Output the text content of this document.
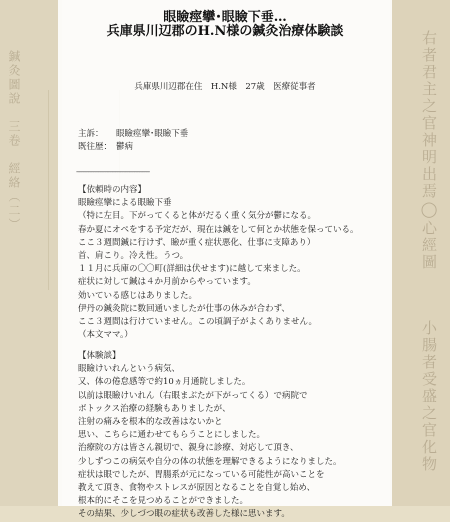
鍼灸圖說　三卷　經絡（二）	右者君主之官神明出焉◯心經圖
小腸者受盛之官化物
眼瞼痙攣･眼瞼下垂…
兵庫県川辺郡のH.N様の鍼灸治療体験談
兵庫県川辺郡在住　H.N様　27歳　医療従事者
主訴： 眼瞼痙攣･眼瞼下垂
既往歴： 鬱病
-------------------------------------------
【依頼時の内容】
眼瞼痙攣による眼瞼下垂
（特に左目。下がってくると体がだるく重く気分が鬱になる。
春か夏にオペをする予定だが、現在は鍼をして何とか状態を保っている。
ここ３週間鍼に行けず、瞼が重く症状悪化、仕事に支障あり）
首、肩こり。冷え性。うつ。
１１月に兵庫の〇〇町(詳細は伏せます)に越して来ました。
症状に対して鍼は４か月前からやっています。
効いている感じはありました。
伊丹の鍼灸院に数回通いましたが仕事の休みが合わず、
ここ３週間は行けていません。この頃調子がよくありません。
（本文ママ。）
【体験談】
眼瞼けいれんという病気、
又、体の倦怠感等で約10ヵ月通院しました。
以前は眼瞼けいれん（右眼まぶたが下がってくる）で病院で
ボトックス治療の経験もありましたが、
注射の痛みを根本的な改善はないかと
思い、こちらに通わせてもらうことにしました。
治療院の方は皆さん親切で、親身に診療、対応して頂き、
少しずつこの病気や自分の体の状態を理解できるようになりました。
症状は眼でしたが、胃腸系が元になっている可能性が高いことを
教えて頂き、食物やストレスが原因となることを自覚し始め、
根本的にそこを見つめることができました。
その結果、少しづつ眼の症状も改善した様に思います。
